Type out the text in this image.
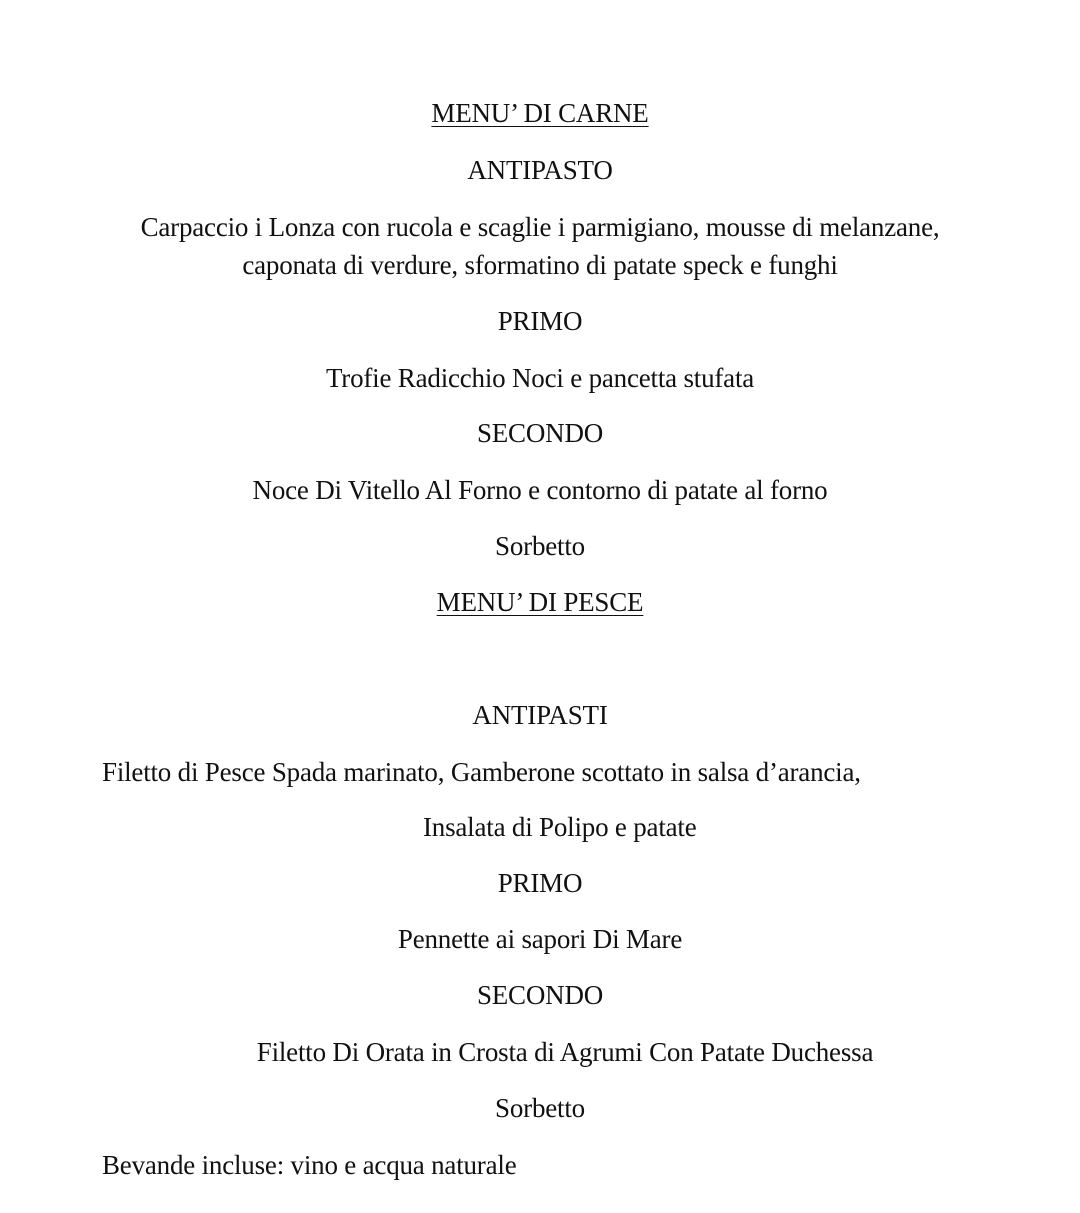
MENU’ DI CARNE
ANTIPASTO
Carpaccio i Lonza con rucola e scaglie i parmigiano, mousse di melanzane,
caponata di verdure, sformatino di patate speck e funghi
PRIMO
Trofie Radicchio Noci e pancetta stufata
SECONDO
Noce Di Vitello Al Forno e contorno di patate al forno
Sorbetto
MENU’ DI PESCE
ANTIPASTI
Filetto di Pesce Spada marinato, Gamberone scottato in salsa d’arancia,
Insalata di Polipo e patate
PRIMO
Pennette ai sapori Di Mare
SECONDO
Filetto Di Orata in Crosta di Agrumi Con Patate Duchessa
Sorbetto
Bevande incluse: vino e acqua naturale
